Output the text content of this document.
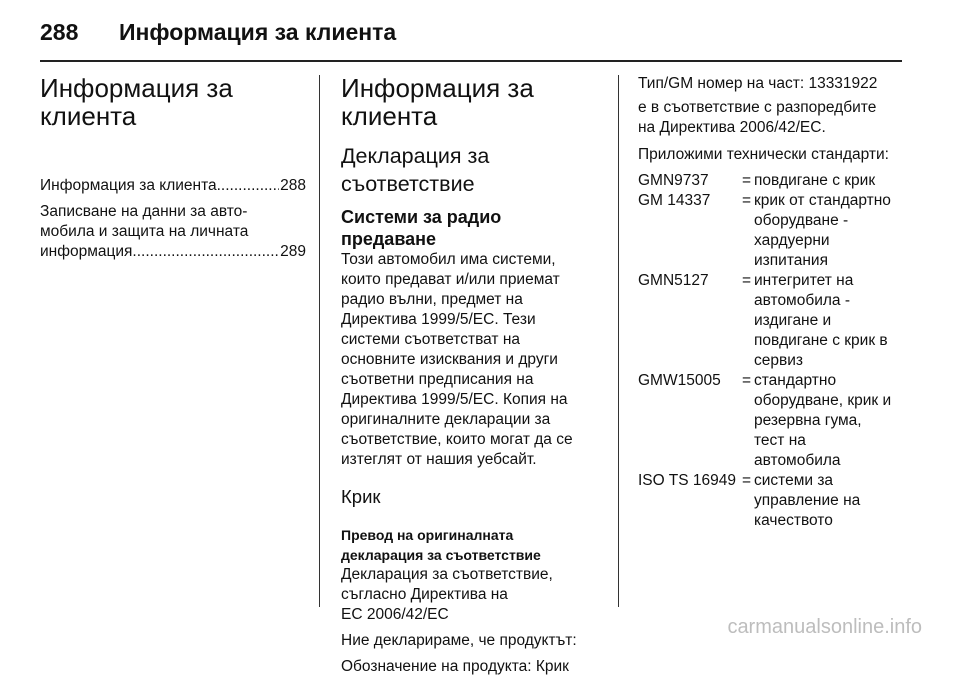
288 Информация за клиента
Информация за
клиента
Информация за клиента .....	288
Записване на данни за авто-
мобила и защита на личната
информация .....	289
Информация за
клиента
Декларация за
съответствие
Системи за радио предаване
Този автомобил има системи,
които предават и/или приемат
радио вълни, предмет на
Директива 1999/5/ЕС. Тези
системи съответстват на
основните изисквания и други
съответни предписания на
Директива 1999/5/ЕС. Копия на
оригиналните декларации за
съответствие, които могат да се
изтеглят от нашия уебсайт.
Крик
Превод на оригиналната
декларация за съответствие
Декларация за съответствие,
съгласно Директива на
ЕС 2006/42/ЕС
Ние декларираме, че продуктът:
Обозначение на продукта: Крик
Тип/GM номер на част: 13331922
е в съответствие с разпоредбите
на Директива 2006/42/ЕС.
Приложими технически стандарти:
GMN9737	=	повдигане с крик

GM 14337	=	крик от стандартно
оборудване -
хардуерни
изпитания

GMN5127	=	интегритет на
автомобила -
издигане и
повдигане с крик в
сервиз

GMW15005	=	стандартно
оборудване, крик и
резервна гума,
тест на
автомобила

ISO TS 16949	=	системи за
управление на
качеството
carmanualsonline.info
